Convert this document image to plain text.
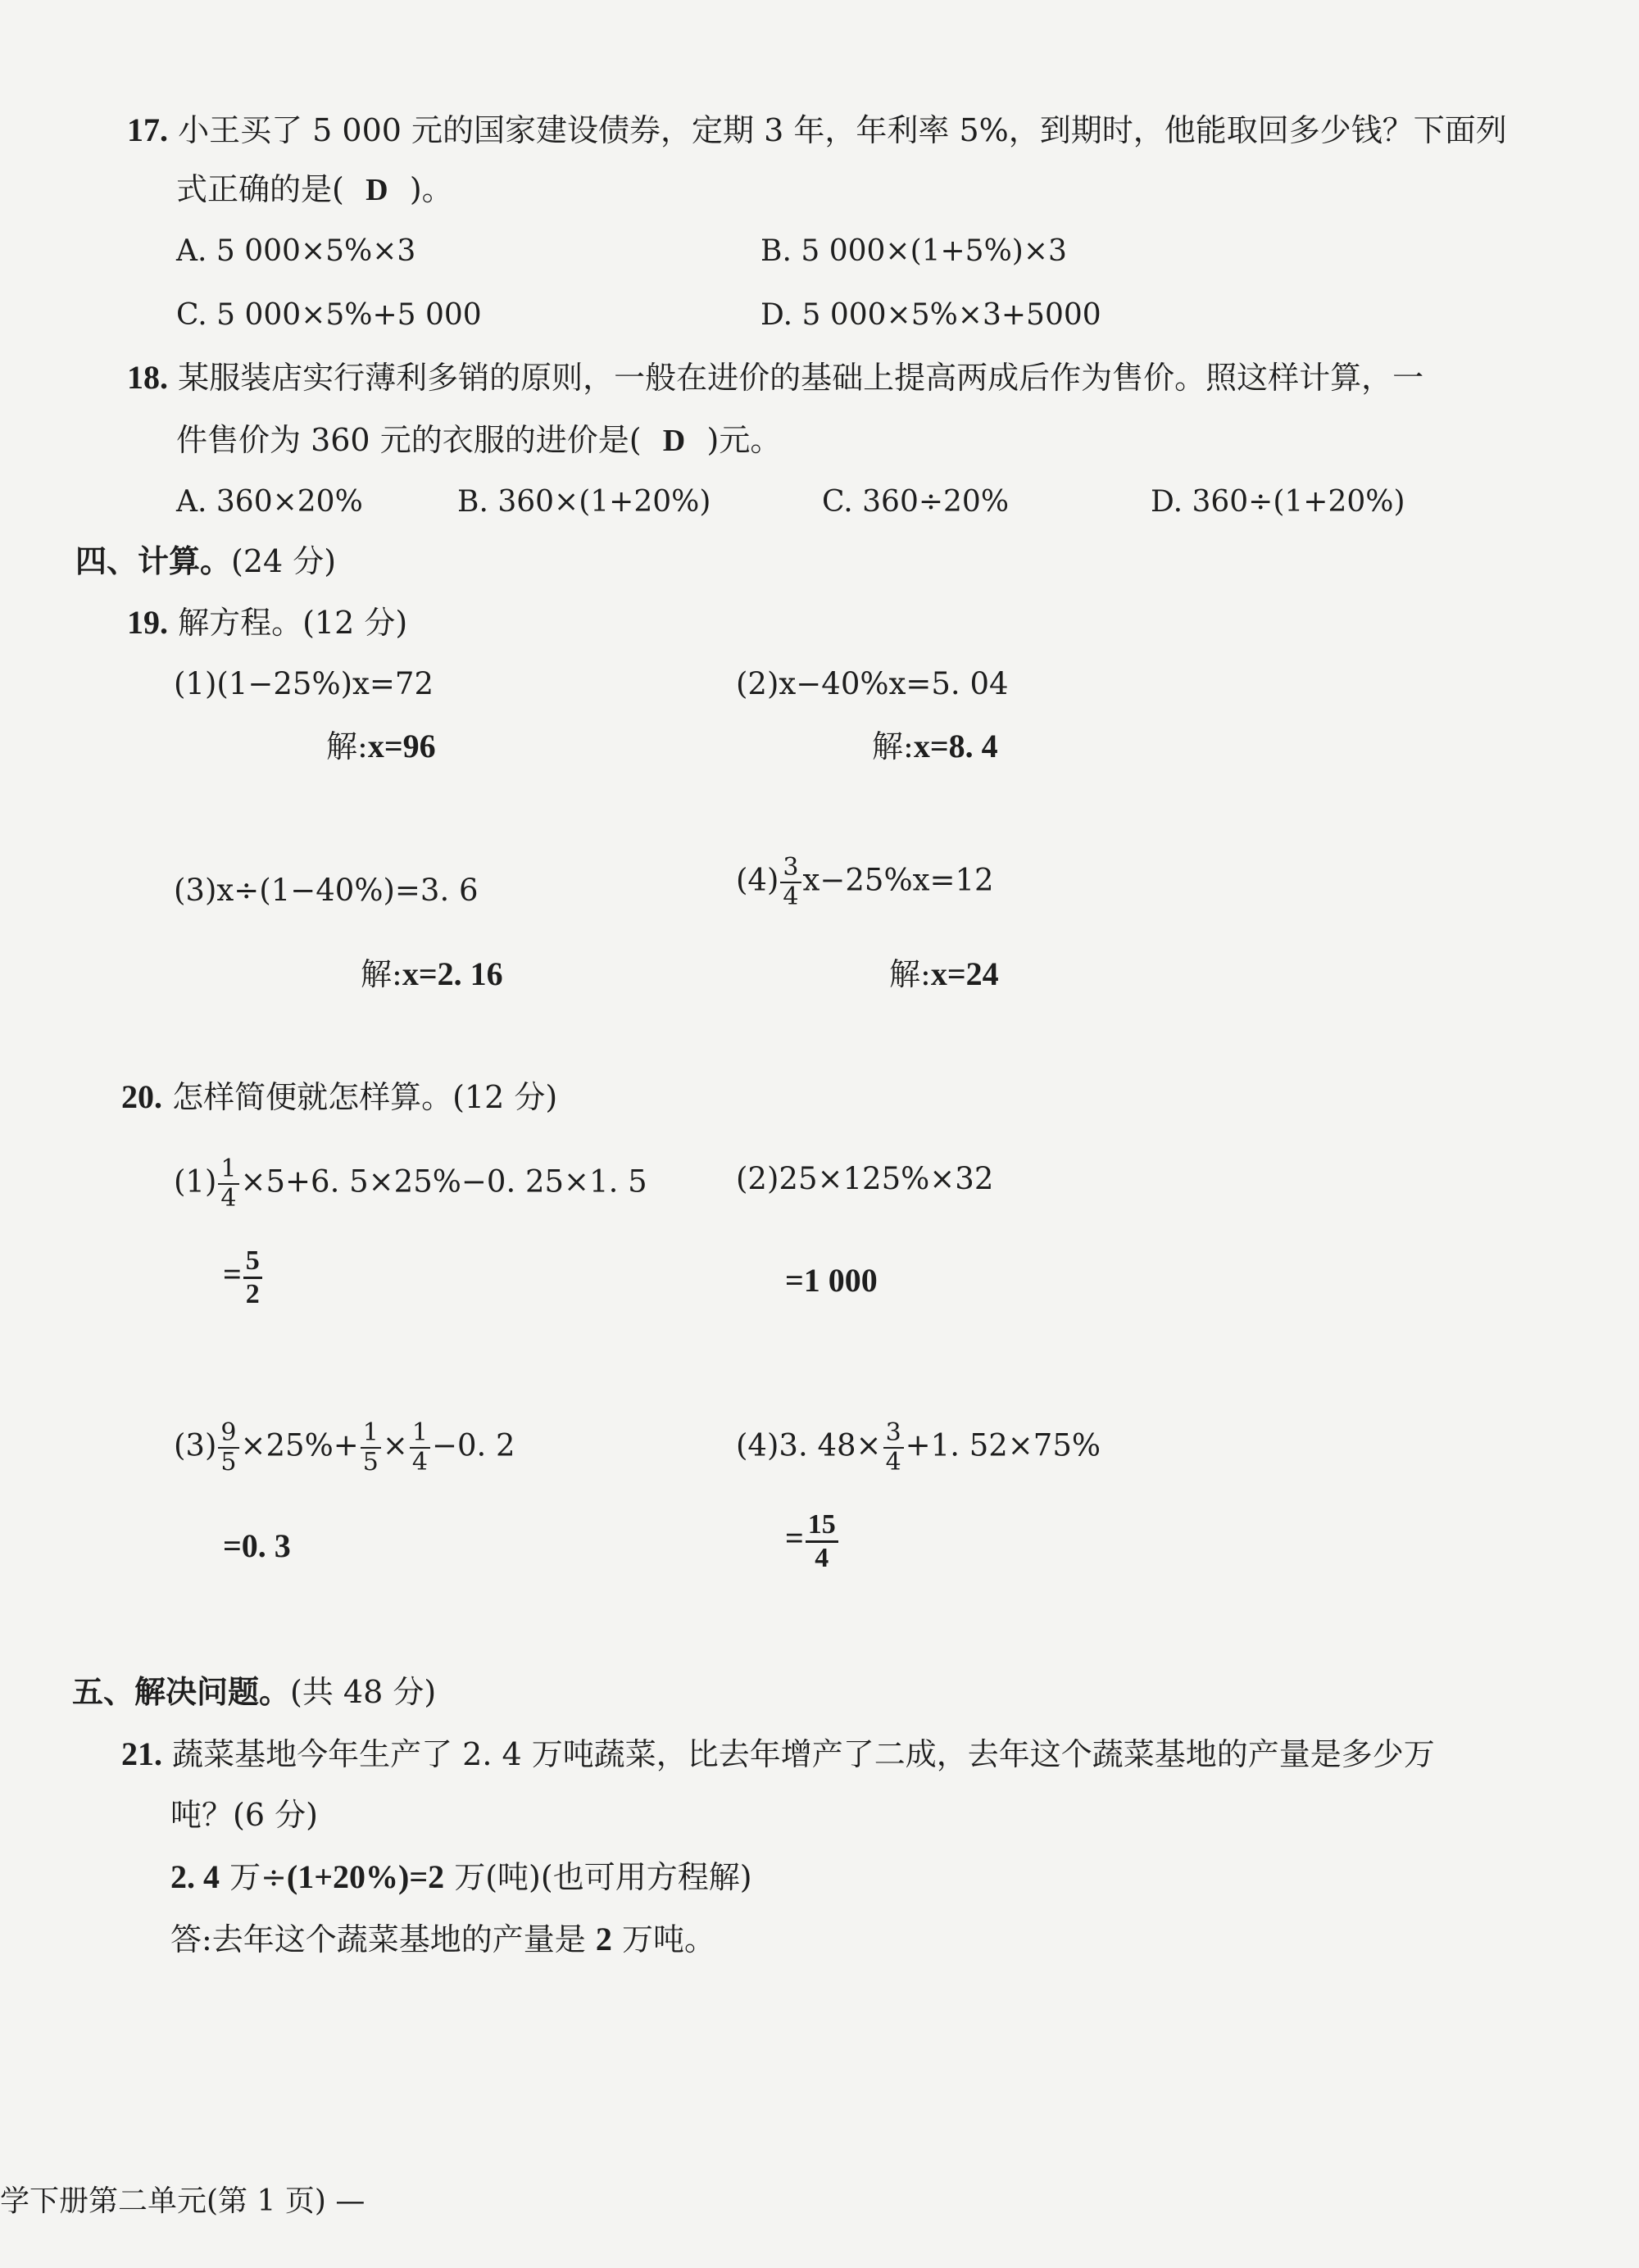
17. 小王买了 5 000 元的国家建设债券，定期 3 年，年利率 5%，到期时，他能取回多少钱？下面列
式正确的是( D )。
A. 5 000×5%×3	B. 5 000×(1+5%)×3
C. 5 000×5%+5 000	D. 5 000×5%×3+5000
18. 某服装店实行薄利多销的原则，一般在进价的基础上提高两成后作为售价。照这样计算，一
件售价为 360 元的衣服的进价是( D )元。
A. 360×20%	B. 360×(1+20%)	C. 360÷20%	D. 360÷(1+20%)
四、计算。(24 分)
19. 解方程。(12 分)
(1)(1−25%)x=72
解:x=96
(2)x−40%x=5. 04
解:x=8. 4
(3)x÷(1−40%)=3. 6
解:x=2. 16
$(4) \frac{3}{4} x-25\%x=12$
解:x=24
20. 怎样简便就怎样算。(12 分)
$(1) \frac{1}{4} \times 5+6$. 5×25%−0. 25×1. 5
= $\frac{5}{2}$
(2)25×125%×32
=1 000
$(3) \frac{9}{5} \times 25\%+ \frac{1}{5} \times \frac{1}{4} -0$. 2
=0. 3
(4)3. $48\times \frac{3}{4} +1$. 52×75%
= $\frac{15}{4}$
五、解决问题。(共 48 分)
21. 蔬菜基地今年生产了 2. 4 万吨蔬菜，比去年增产了二成，去年这个蔬菜基地的产量是多少万
吨？(6 分)
2. 4 万÷(1+20%)=2 万(吨)(也可用方程解)
答:去年这个蔬菜基地的产量是 2 万吨。
学下册第二单元(第 1 页) —
